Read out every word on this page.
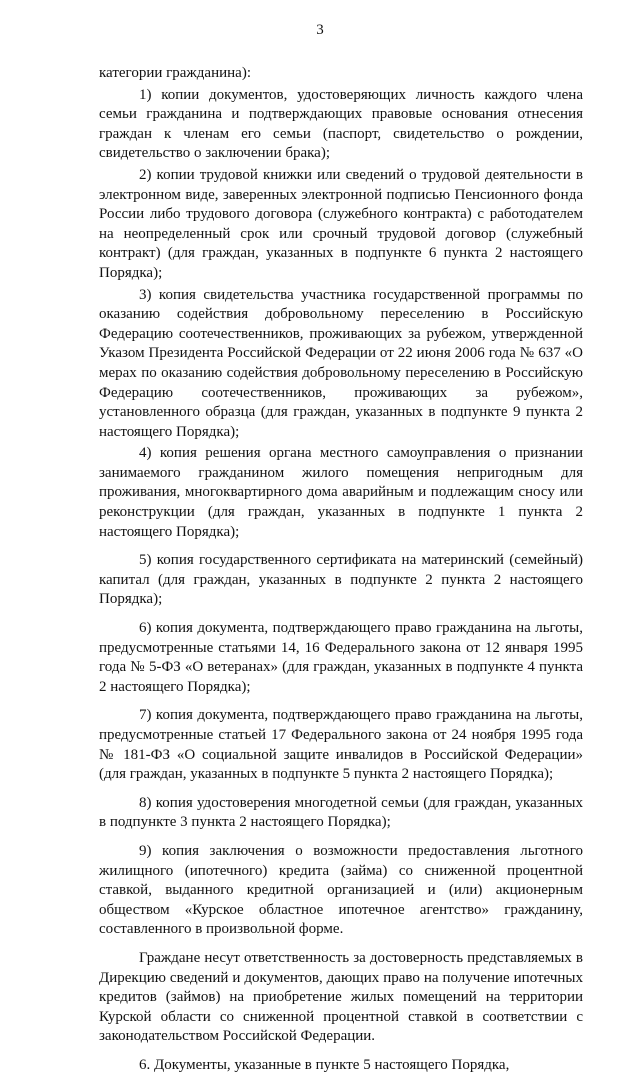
3

категории гражданина):

1) копии документов, удостоверяющих личность каждого члена семьи гражданина и подтверждающих правовые основания отнесения граждан к членам его семьи (паспорт, свидетельство о рождении, свидетельство о заключении брака);

2) копии трудовой книжки или сведений о трудовой деятельности в электронном виде, заверенных электронной подписью Пенсионного фонда России либо трудового договора (служебного контракта) с работодателем на неопределенный срок или срочный трудовой договор (служебный контракт) (для граждан, указанных в подпункте 6 пункта 2 настоящего Порядка);

3) копия свидетельства участника государственной программы по оказанию содействия добровольному переселению в Российскую Федерацию соотечественников, проживающих за рубежом, утвержденной Указом Президента Российской Федерации от 22 июня 2006 года № 637 «О мерах по оказанию содействия добровольному переселению в Российскую Федерацию соотечественников, проживающих за рубежом», установленного образца (для граждан, указанных в подпункте 9 пункта 2 настоящего Порядка);

4) копия решения органа местного самоуправления о признании занимаемого гражданином жилого помещения непригодным для проживания, многоквартирного дома аварийным и подлежащим сносу или реконструкции (для граждан, указанных в подпункте 1 пункта 2 настоящего Порядка);

5) копия государственного сертификата на материнский (семейный) капитал (для граждан, указанных в подпункте 2 пункта 2 настоящего Порядка);

6) копия документа, подтверждающего право гражданина на льготы, предусмотренные статьями 14, 16 Федерального закона от 12 января 1995 года № 5-ФЗ «О ветеранах» (для граждан, указанных в подпункте 4 пункта 2 настоящего Порядка);

7) копия документа, подтверждающего право гражданина на льготы, предусмотренные статьей 17 Федерального закона от 24 ноября 1995 года № 181-ФЗ «О социальной защите инвалидов в Российской Федерации» (для граждан, указанных в подпункте 5 пункта 2 настоящего Порядка);

8) копия удостоверения многодетной семьи (для граждан, указанных в подпункте 3 пункта 2 настоящего Порядка);

9) копия заключения о возможности предоставления льготного жилищного (ипотечного) кредита (займа) со сниженной процентной ставкой, выданного кредитной организацией и (или) акционерным обществом «Курское областное ипотечное агентство» гражданину, составленного в произвольной форме.

Граждане несут ответственность за достоверность представляемых в Дирекцию сведений и документов, дающих право на получение ипотечных кредитов (займов) на приобретение жилых помещений на территории Курской области со сниженной процентной ставкой в соответствии с законодательством Российской Федерации.

6. Документы, указанные в пункте 5 настоящего Порядка,
